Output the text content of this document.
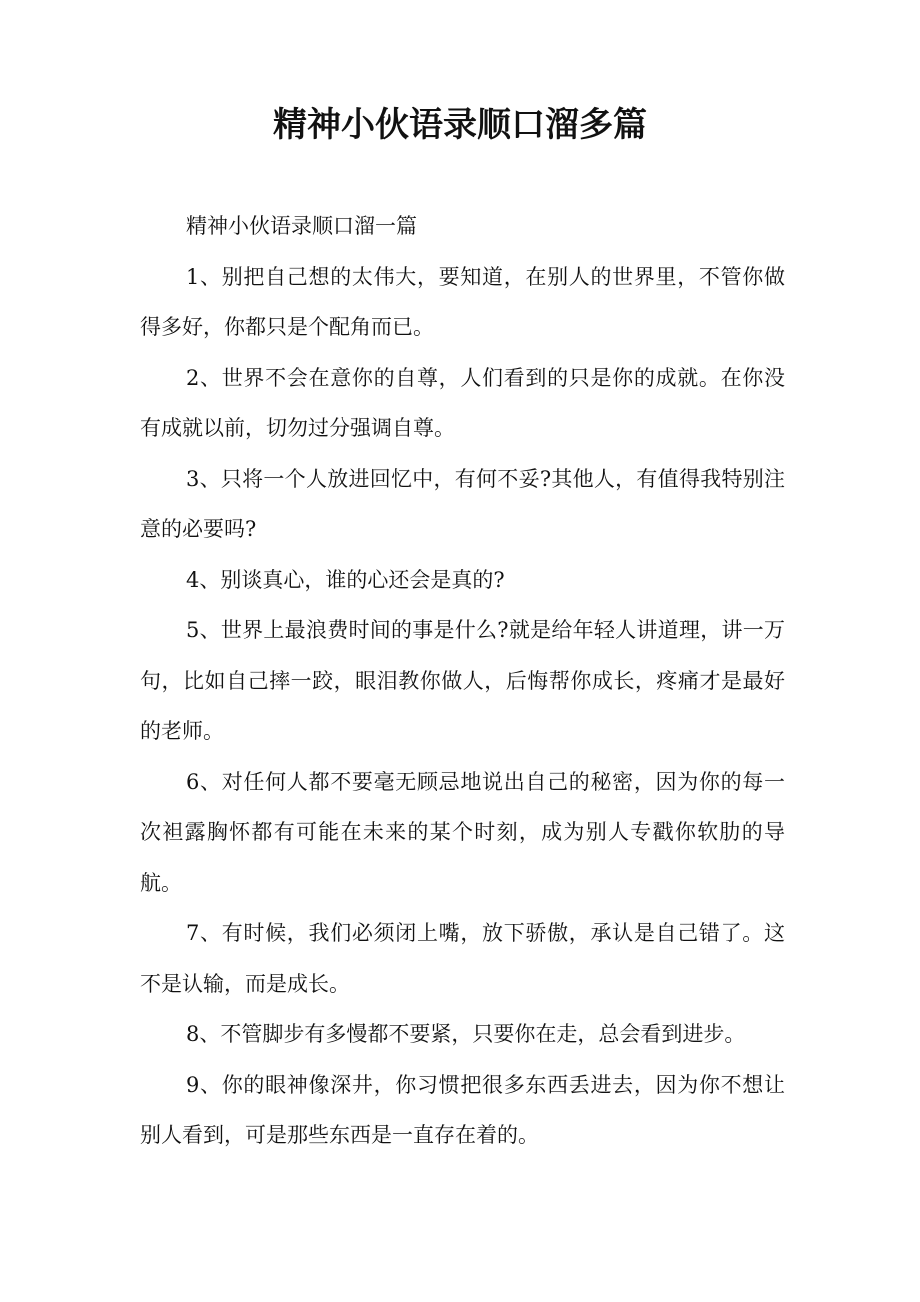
精神小伙语录顺口溜多篇

精神小伙语录顺口溜一篇

1、别把自己想的太伟大，要知道，在别人的世界里，不管你做得多好，你都只是个配角而已。

2、世界不会在意你的自尊，人们看到的只是你的成就。在你没有成就以前，切勿过分强调自尊。

3、只将一个人放进回忆中，有何不妥?其他人，有值得我特别注意的必要吗?

4、别谈真心，谁的心还会是真的?

5、世界上最浪费时间的事是什么?就是给年轻人讲道理，讲一万句，比如自己摔一跤，眼泪教你做人，后悔帮你成长，疼痛才是最好的老师。

6、对任何人都不要毫无顾忌地说出自己的秘密，因为你的每一次袒露胸怀都有可能在未来的某个时刻，成为别人专戳你软肋的导航。

7、有时候，我们必须闭上嘴，放下骄傲，承认是自己错了。这不是认输，而是成长。

8、不管脚步有多慢都不要紧，只要你在走，总会看到进步。

9、你的眼神像深井，你习惯把很多东西丢进去，因为你不想让别人看到，可是那些东西是一直存在着的。
